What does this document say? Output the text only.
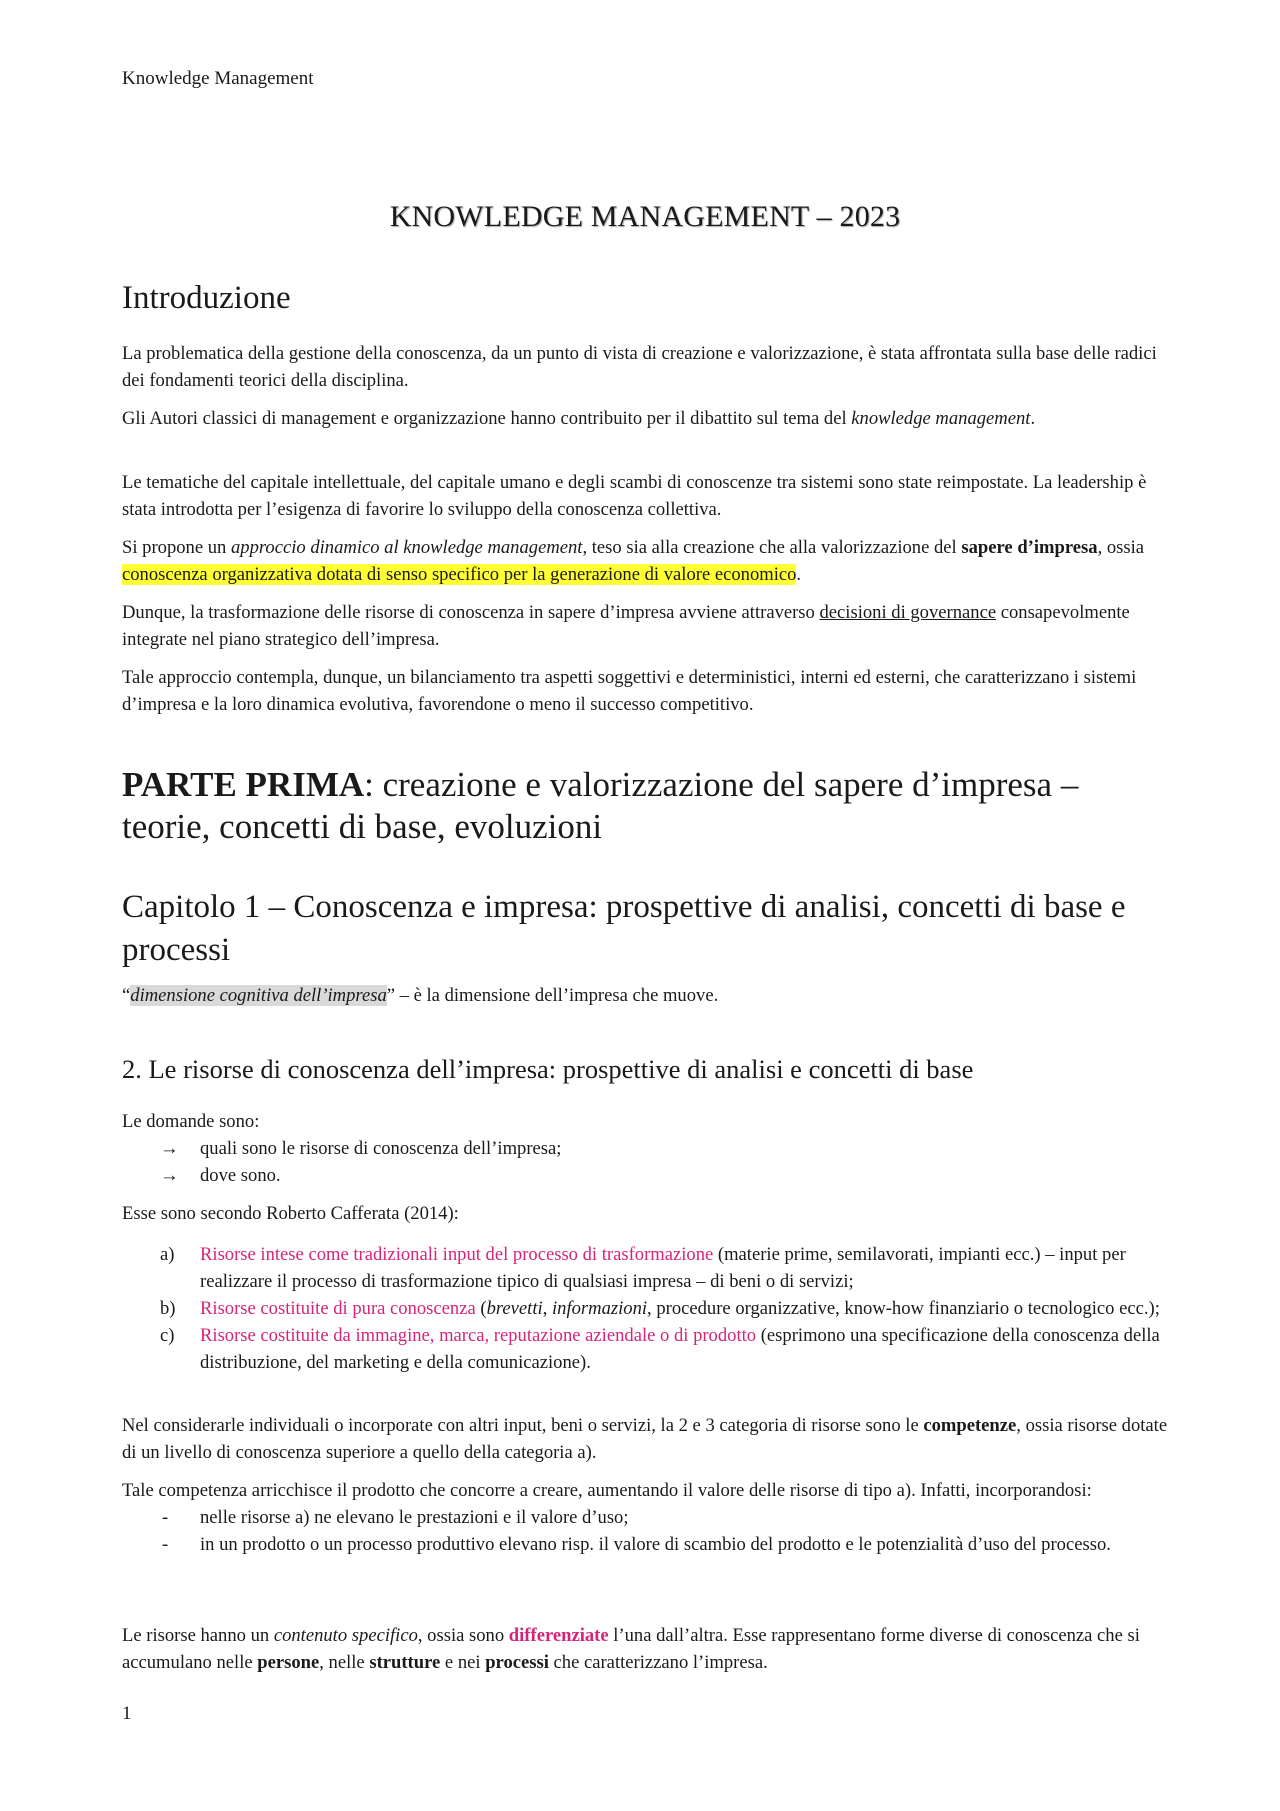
Knowledge Management
KNOWLEDGE MANAGEMENT – 2023
Introduzione

La problematica della gestione della conoscenza, da un punto di vista di creazione e valorizzazione, è stata affrontata sulla base delle radici dei fondamenti teorici della disciplina.

Gli Autori classici di management e organizzazione hanno contribuito per il dibattito sul tema del knowledge management.

Le tematiche del capitale intellettuale, del capitale umano e degli scambi di conoscenze tra sistemi sono state reimpostate. La leadership è stata introdotta per l’esigenza di favorire lo sviluppo della conoscenza collettiva.

Si propone un approccio dinamico al knowledge management, teso sia alla creazione che alla valorizzazione del sapere d’impresa, ossia conoscenza organizzativa dotata di senso specifico per la generazione di valore economico.

Dunque, la trasformazione delle risorse di conoscenza in sapere d’impresa avviene attraverso decisioni di governance consapevolmente integrate nel piano strategico dell’impresa.

Tale approccio contempla, dunque, un bilanciamento tra aspetti soggettivi e deterministici, interni ed esterni, che caratterizzano i sistemi d’impresa e la loro dinamica evolutiva, favorendone o meno il successo competitivo.

PARTE PRIMA: creazione e valorizzazione del sapere d’impresa – teorie, concetti di base, evoluzioni

Capitolo 1 – Conoscenza e impresa: prospettive di analisi, concetti di base e processi

“dimensione cognitiva dell’impresa” – è la dimensione dell’impresa che muove.

2. Le risorse di conoscenza dell’impresa: prospettive di analisi e concetti di base

Le domande sono:

→ quali sono le risorse di conoscenza dell’impresa;
→ dove sono.

Esse sono secondo Roberto Cafferata (2014):

a) Risorse intese come tradizionali input del processo di trasformazione (materie prime, semilavorati, impianti ecc.) – input per realizzare il processo di trasformazione tipico di qualsiasi impresa – di beni o di servizi;
b) Risorse costituite di pura conoscenza (brevetti, informazioni, procedure organizzative, know-how finanziario o tecnologico ecc.);
c) Risorse costituite da immagine, marca, reputazione aziendale o di prodotto (esprimono una specificazione della conoscenza della distribuzione, del marketing e della comunicazione).

Nel considerarle individuali o incorporate con altri input, beni o servizi, la 2 e 3 categoria di risorse sono le competenze, ossia risorse dotate di un livello di conoscenza superiore a quello della categoria a).

Tale competenza arricchisce il prodotto che concorre a creare, aumentando il valore delle risorse di tipo a). Infatti, incorporandosi:

- nelle risorse a) ne elevano le prestazioni e il valore d’uso;
- in un prodotto o un processo produttivo elevano risp. il valore di scambio del prodotto e le potenzialità d’uso del processo.

Le risorse hanno un contenuto specifico, ossia sono differenziate l’una dall’altra. Esse rappresentano forme diverse di conoscenza che si accumulano nelle persone, nelle strutture e nei processi che caratterizzano l’impresa.

1
